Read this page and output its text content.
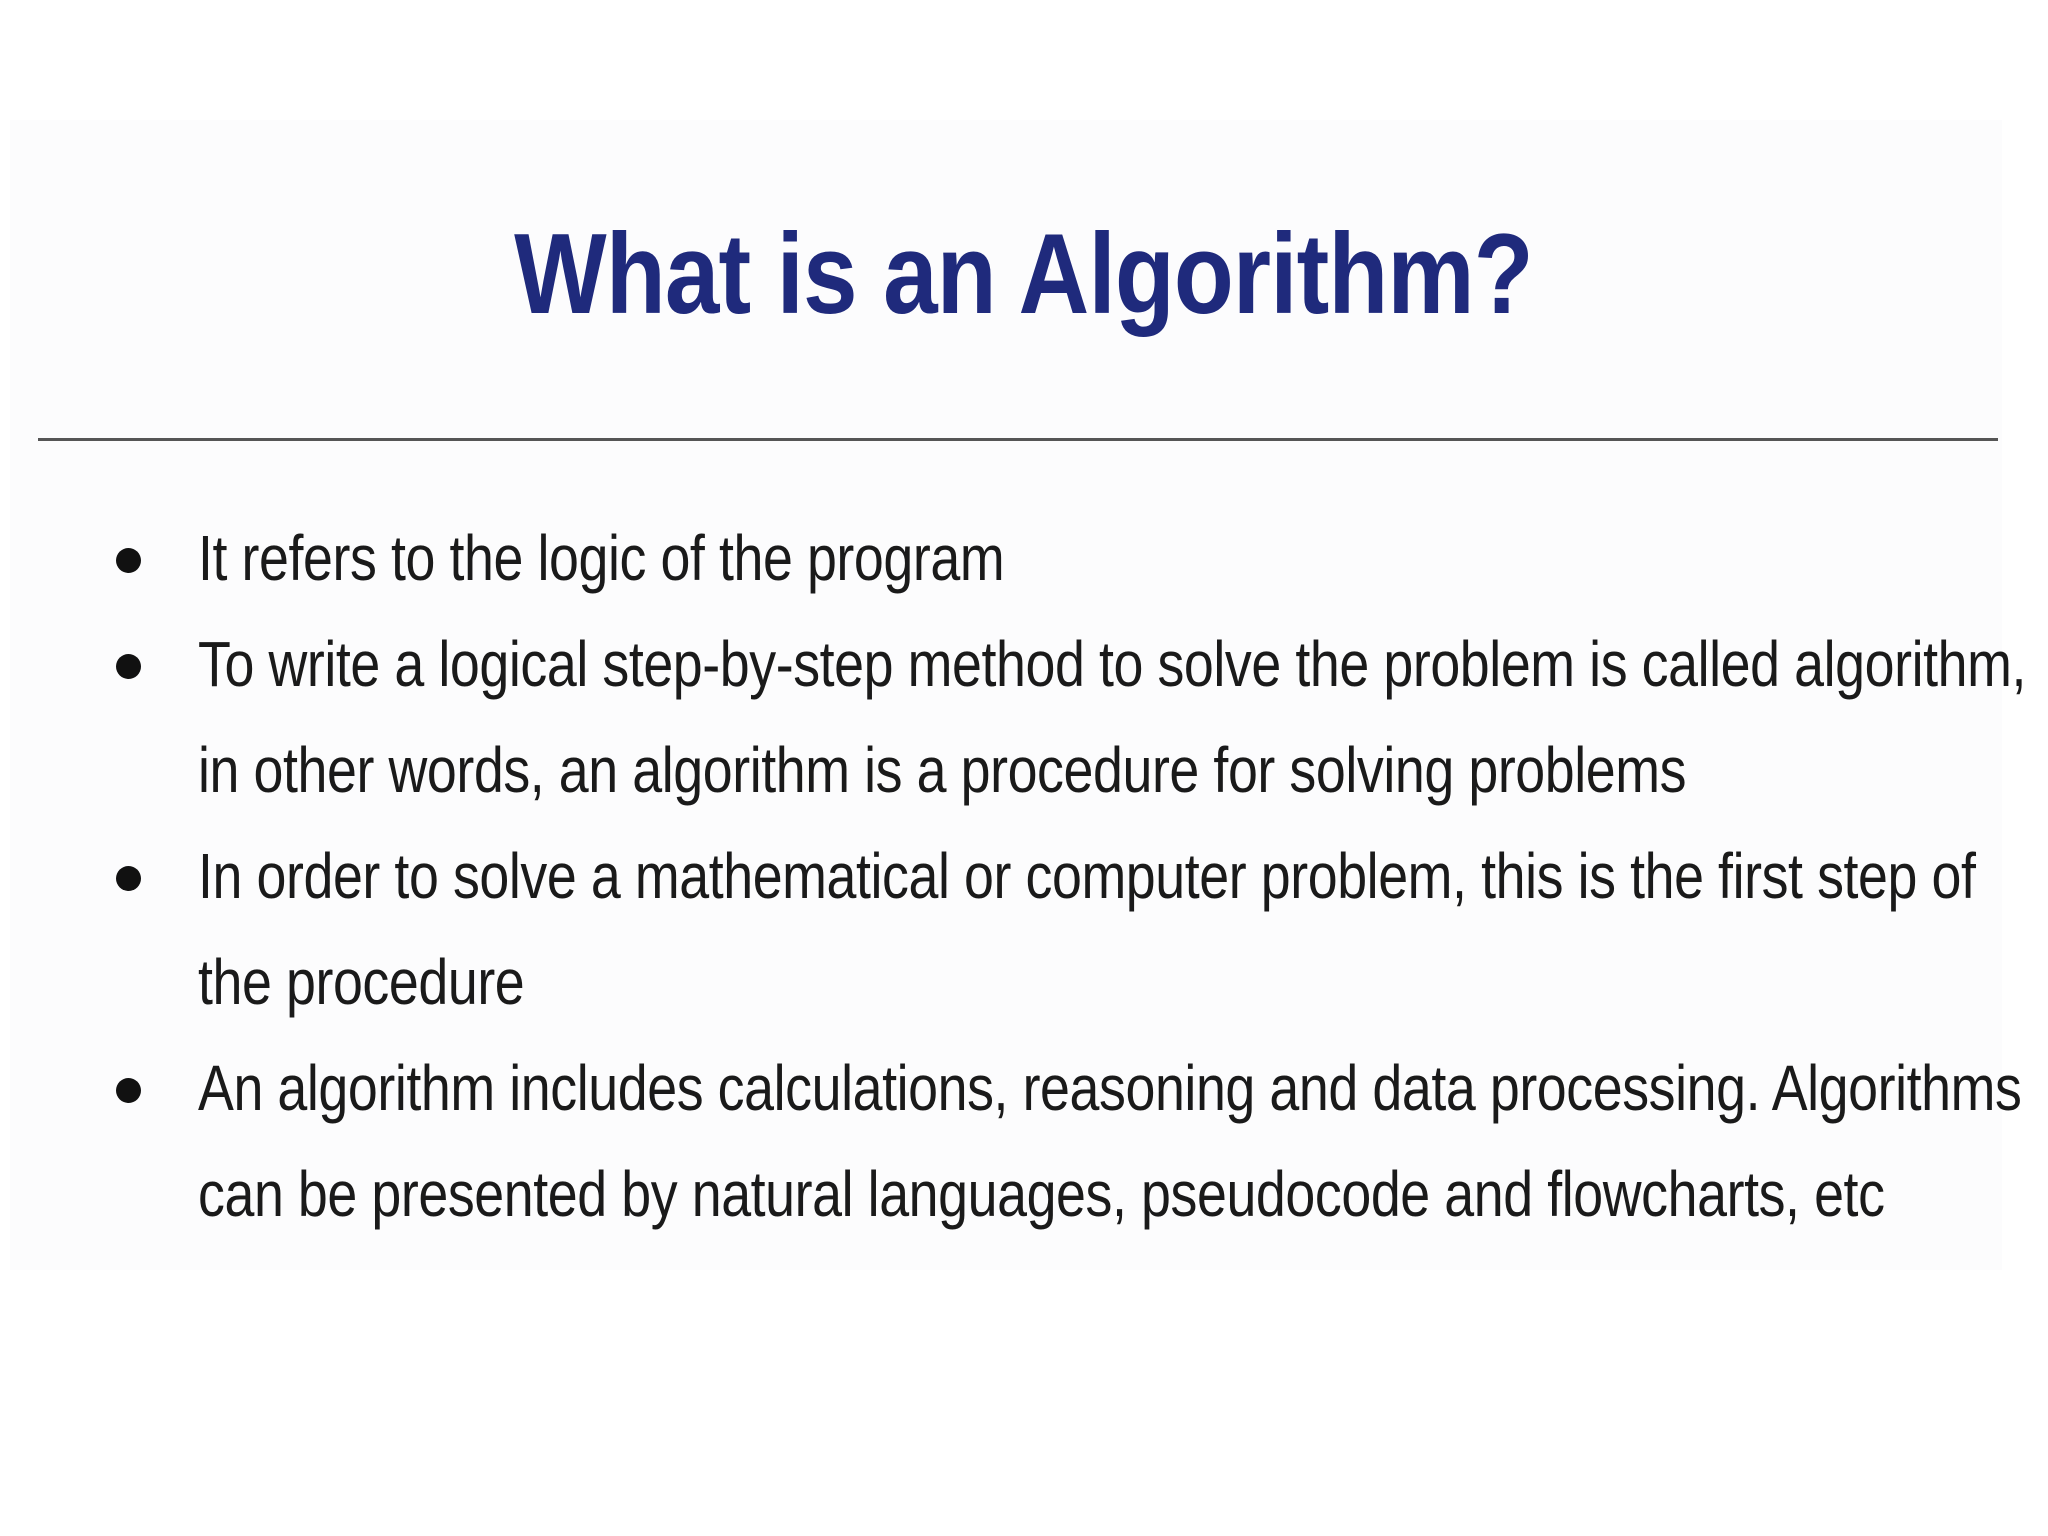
What is an Algorithm?
It refers to the logic of the program
To write a logical step-by-step method to solve the problem is called algorithm,
in other words, an algorithm is a procedure for solving problems
In order to solve a mathematical or computer problem, this is the first step of
the procedure
An algorithm includes calculations, reasoning and data processing. Algorithms
can be presented by natural languages, pseudocode and flowcharts, etc
